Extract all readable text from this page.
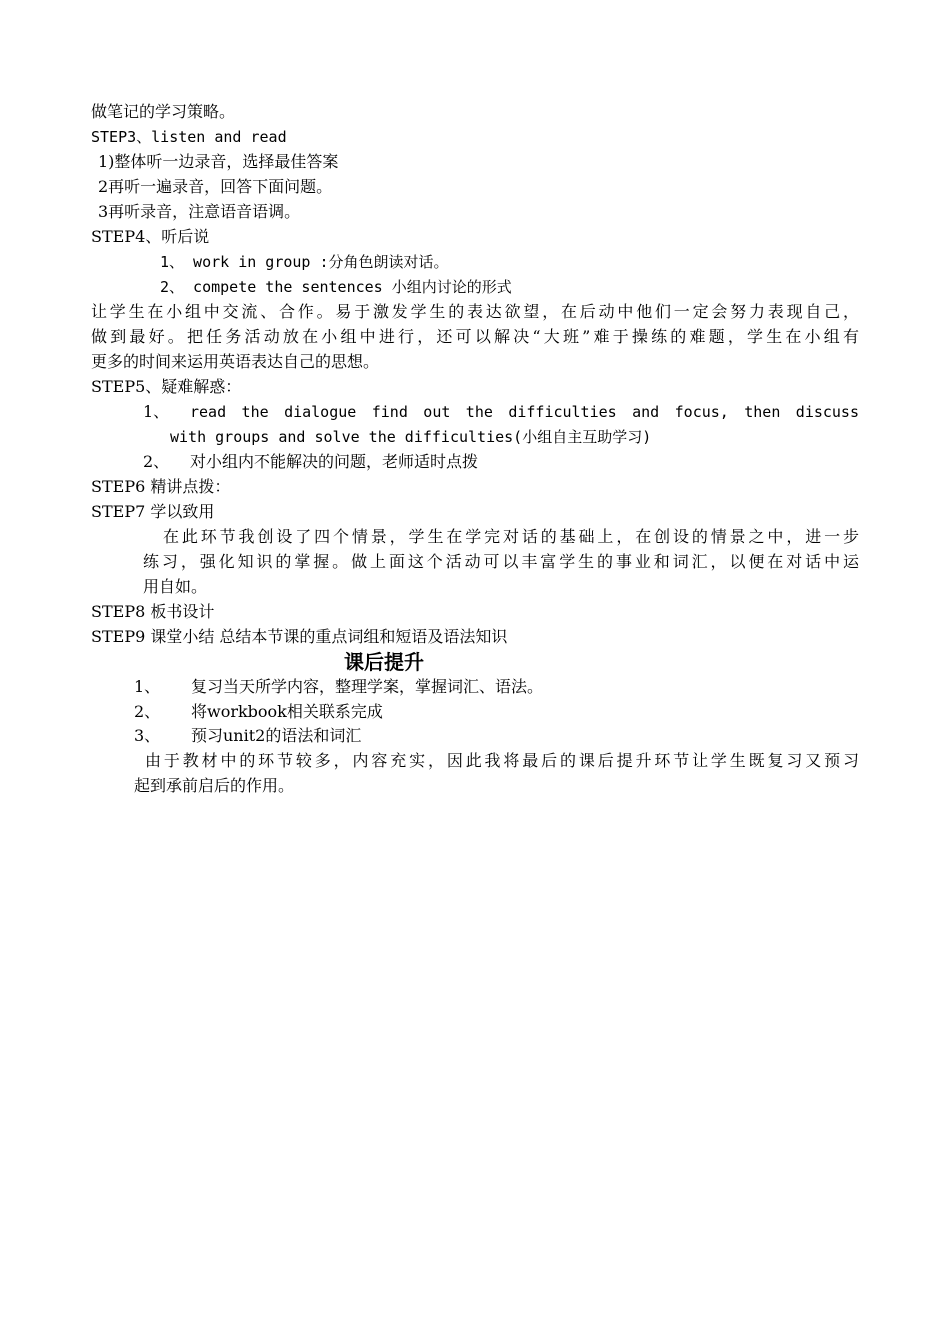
做笔记的学习策略。
STEP3、listen and read
1)整体听一边录音，选择最佳答案
2再听一遍录音，回答下面问题。
3再听录音，注意语音语调。
STEP4、听后说
1、 work in group :分角色朗读对话。
2、 compete the sentences 小组内讨论的形式
让学生在小组中交流、合作。易于激发学生的表达欲望，在后动中他们一定会努力表现自己，
做到最好。把任务活动放在小组中进行，还可以解决“大班”难于操练的难题，学生在小组有
更多的时间来运用英语表达自己的思想。
STEP5、疑难解惑：
1、 read the dialogue find out the difficulties and focus, then discuss
with groups and solve the difficulties(小组自主互助学习)
2、 对小组内不能解决的问题，老师适时点拨
STEP6 精讲点拨：
STEP7 学以致用
在此环节我创设了四个情景，学生在学完对话的基础上，在创设的情景之中，进一步
练习，强化知识的掌握。做上面这个活动可以丰富学生的事业和词汇，以便在对话中运
用自如。
STEP8 板书设计
STEP9 课堂小结 总结本节课的重点词组和短语及语法知识
课后提升
1、 复习当天所学内容，整理学案，掌握词汇、语法。
2、 将workbook相关联系完成
3、 预习unit2的语法和词汇
由于教材中的环节较多，内容充实，因此我将最后的课后提升环节让学生既复习又预习
起到承前启后的作用。
